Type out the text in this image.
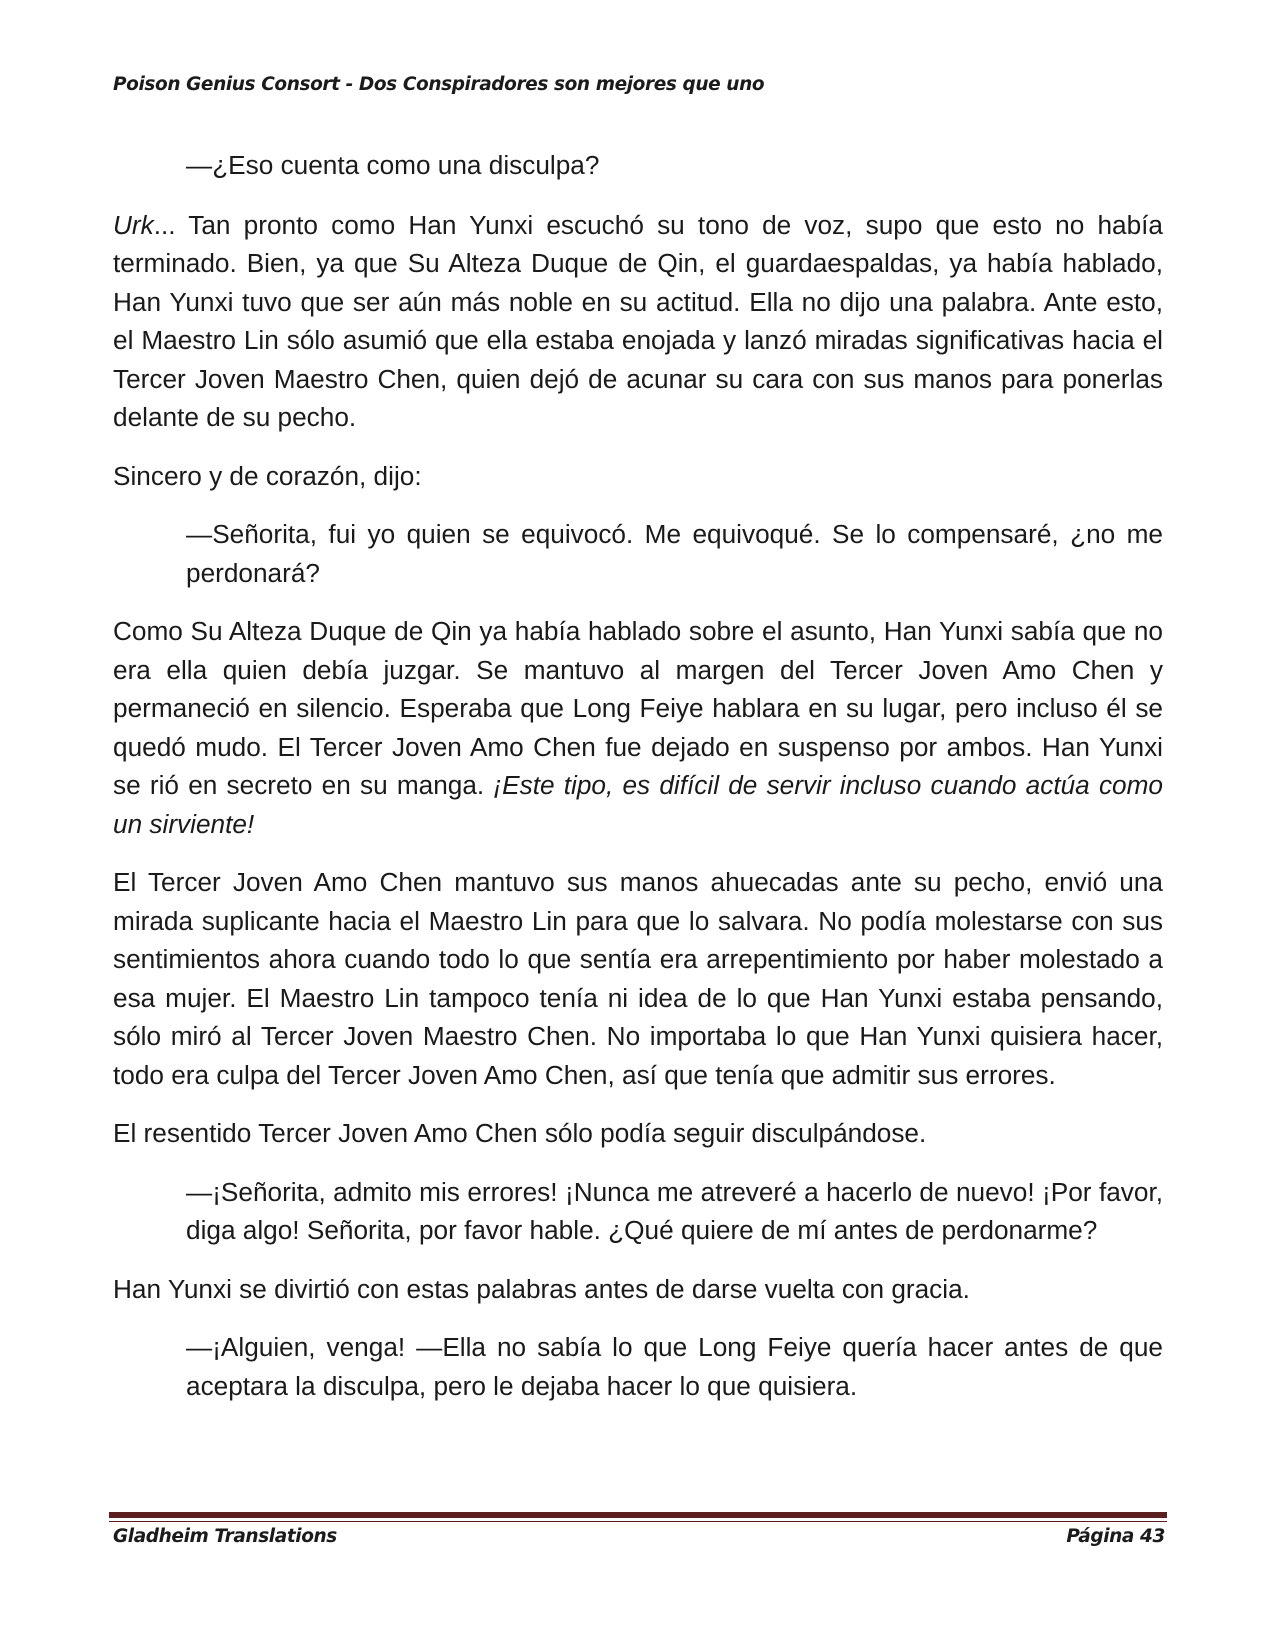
Poison Genius Consort - Dos Conspiradores son mejores que uno

—¿Eso cuenta como una disculpa?

Urk... Tan pronto como Han Yunxi escuchó su tono de voz, supo que esto no había terminado. Bien, ya que Su Alteza Duque de Qin, el guardaespaldas, ya había hablado, Han Yunxi tuvo que ser aún más noble en su actitud. Ella no dijo una palabra. Ante esto, el Maestro Lin sólo asumió que ella estaba enojada y lanzó miradas significativas hacia el Tercer Joven Maestro Chen, quien dejó de acunar su cara con sus manos para ponerlas delante de su pecho.

Sincero y de corazón, dijo:

—Señorita, fui yo quien se equivocó. Me equivoqué. Se lo compensaré, ¿no me perdonará?

Como Su Alteza Duque de Qin ya había hablado sobre el asunto, Han Yunxi sabía que no era ella quien debía juzgar. Se mantuvo al margen del Tercer Joven Amo Chen y permaneció en silencio. Esperaba que Long Feiye hablara en su lugar, pero incluso él se quedó mudo. El Tercer Joven Amo Chen fue dejado en suspenso por ambos. Han Yunxi se rió en secreto en su manga. ¡Este tipo, es difícil de servir incluso cuando actúa como un sirviente!

El Tercer Joven Amo Chen mantuvo sus manos ahuecadas ante su pecho, envió una mirada suplicante hacia el Maestro Lin para que lo salvara. No podía molestarse con sus sentimientos ahora cuando todo lo que sentía era arrepentimiento por haber molestado a esa mujer. El Maestro Lin tampoco tenía ni idea de lo que Han Yunxi estaba pensando, sólo miró al Tercer Joven Maestro Chen. No importaba lo que Han Yunxi quisiera hacer, todo era culpa del Tercer Joven Amo Chen, así que tenía que admitir sus errores.

El resentido Tercer Joven Amo Chen sólo podía seguir disculpándose.

—¡Señorita, admito mis errores! ¡Nunca me atreveré a hacerlo de nuevo! ¡Por favor, diga algo! Señorita, por favor hable. ¿Qué quiere de mí antes de perdonarme?

Han Yunxi se divirtió con estas palabras antes de darse vuelta con gracia.

—¡Alguien, venga! —Ella no sabía lo que Long Feiye quería hacer antes de que aceptara la disculpa, pero le dejaba hacer lo que quisiera.

Gladheim Translations	Página 43
